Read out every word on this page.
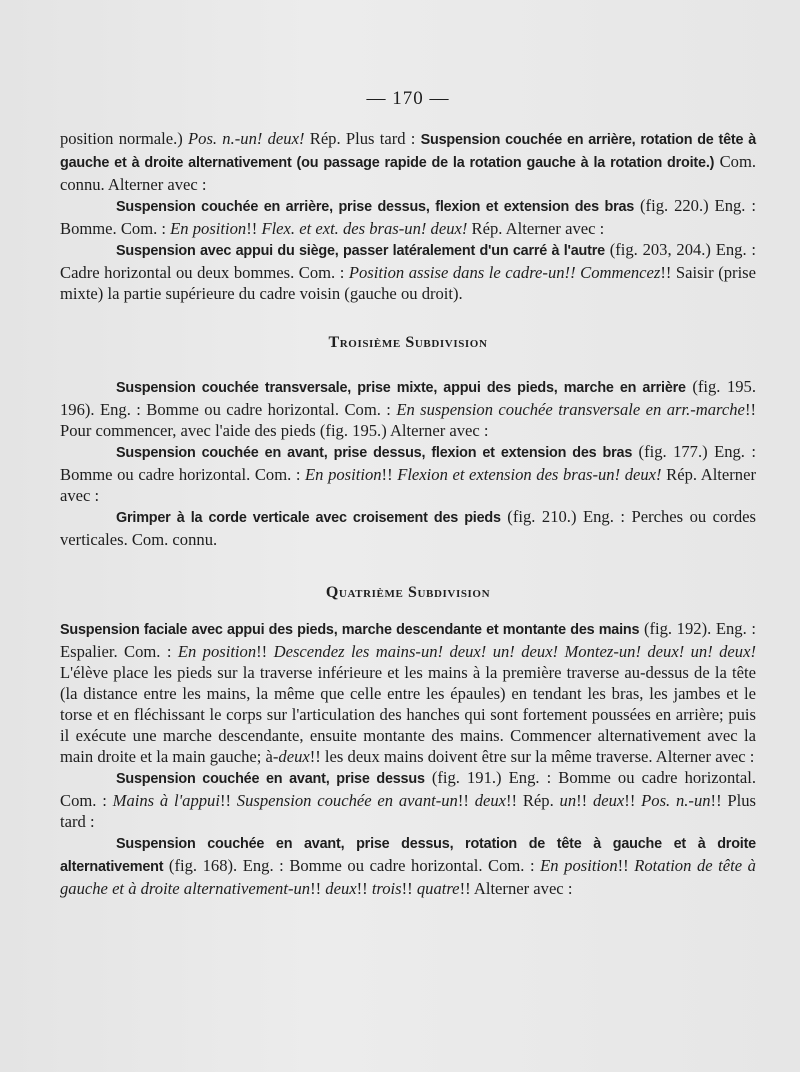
— 170 —

position normale.) Pos. n.-un! deux! Rép. Plus tard : Suspension couchée en arrière, rotation de tête à gauche et à droite alternativement (ou passage rapide de la rotation gauche à la rotation droite.) Com. connu. Alterner avec :

Suspension couchée en arrière, prise dessus, flexion et extension des bras (fig. 220.) Eng. : Bomme. Com. : En position!! Flex. et ext. des bras-un! deux! Rép. Alterner avec :

Suspension avec appui du siège, passer latéralement d'un carré à l'autre (fig. 203, 204.) Eng. : Cadre horizontal ou deux bommes. Com. : Position assise dans le cadre-un!! Commencez!! Saisir (prise mixte) la partie supérieure du cadre voisin (gauche ou droit).

Troisième Subdivision

Suspension couchée transversale, prise mixte, appui des pieds, marche en arrière (fig. 195. 196). Eng. : Bomme ou cadre horizontal. Com. : En suspension couchée transversale en arr.-marche!! Pour commencer, avec l'aide des pieds (fig. 195.) Alterner avec :

Suspension couchée en avant, prise dessus, flexion et extension des bras (fig. 177.) Eng. : Bomme ou cadre horizontal. Com. : En position!! Flexion et extension des bras-un! deux! Rép. Alterner avec :

Grimper à la corde verticale avec croisement des pieds (fig. 210.) Eng. : Perches ou cordes verticales. Com. connu.

Quatrième Subdivision

Suspension faciale avec appui des pieds, marche descendante et montante des mains (fig. 192). Eng. : Espalier. Com. : En position!! Descendez les mains-un! deux! un! deux! Montez-un! deux! un! deux! L'élève place les pieds sur la traverse inférieure et les mains à la première traverse au-dessus de la tête (la distance entre les mains, la même que celle entre les épaules) en tendant les bras, les jambes et le torse et en fléchissant le corps sur l'articulation des hanches qui sont fortement poussées en arrière; puis il exécute une marche descendante, ensuite montante des mains. Commencer alternativement avec la main droite et la main gauche; à-deux!! les deux mains doivent être sur la même traverse. Alterner avec :

Suspension couchée en avant, prise dessus (fig. 191.) Eng. : Bomme ou cadre horizontal. Com. : Mains à l'appui!! Suspension couchée en avant-un!! deux!! Rép. un!! deux!! Pos. n.-un!! Plus tard :

Suspension couchée en avant, prise dessus, rotation de tête à gauche et à droite alternativement (fig. 168). Eng. : Bomme ou cadre horizontal. Com. : En position!! Rotation de tête à gauche et à droite alternativement-un!! deux!! trois!! quatre!! Alterner avec :
